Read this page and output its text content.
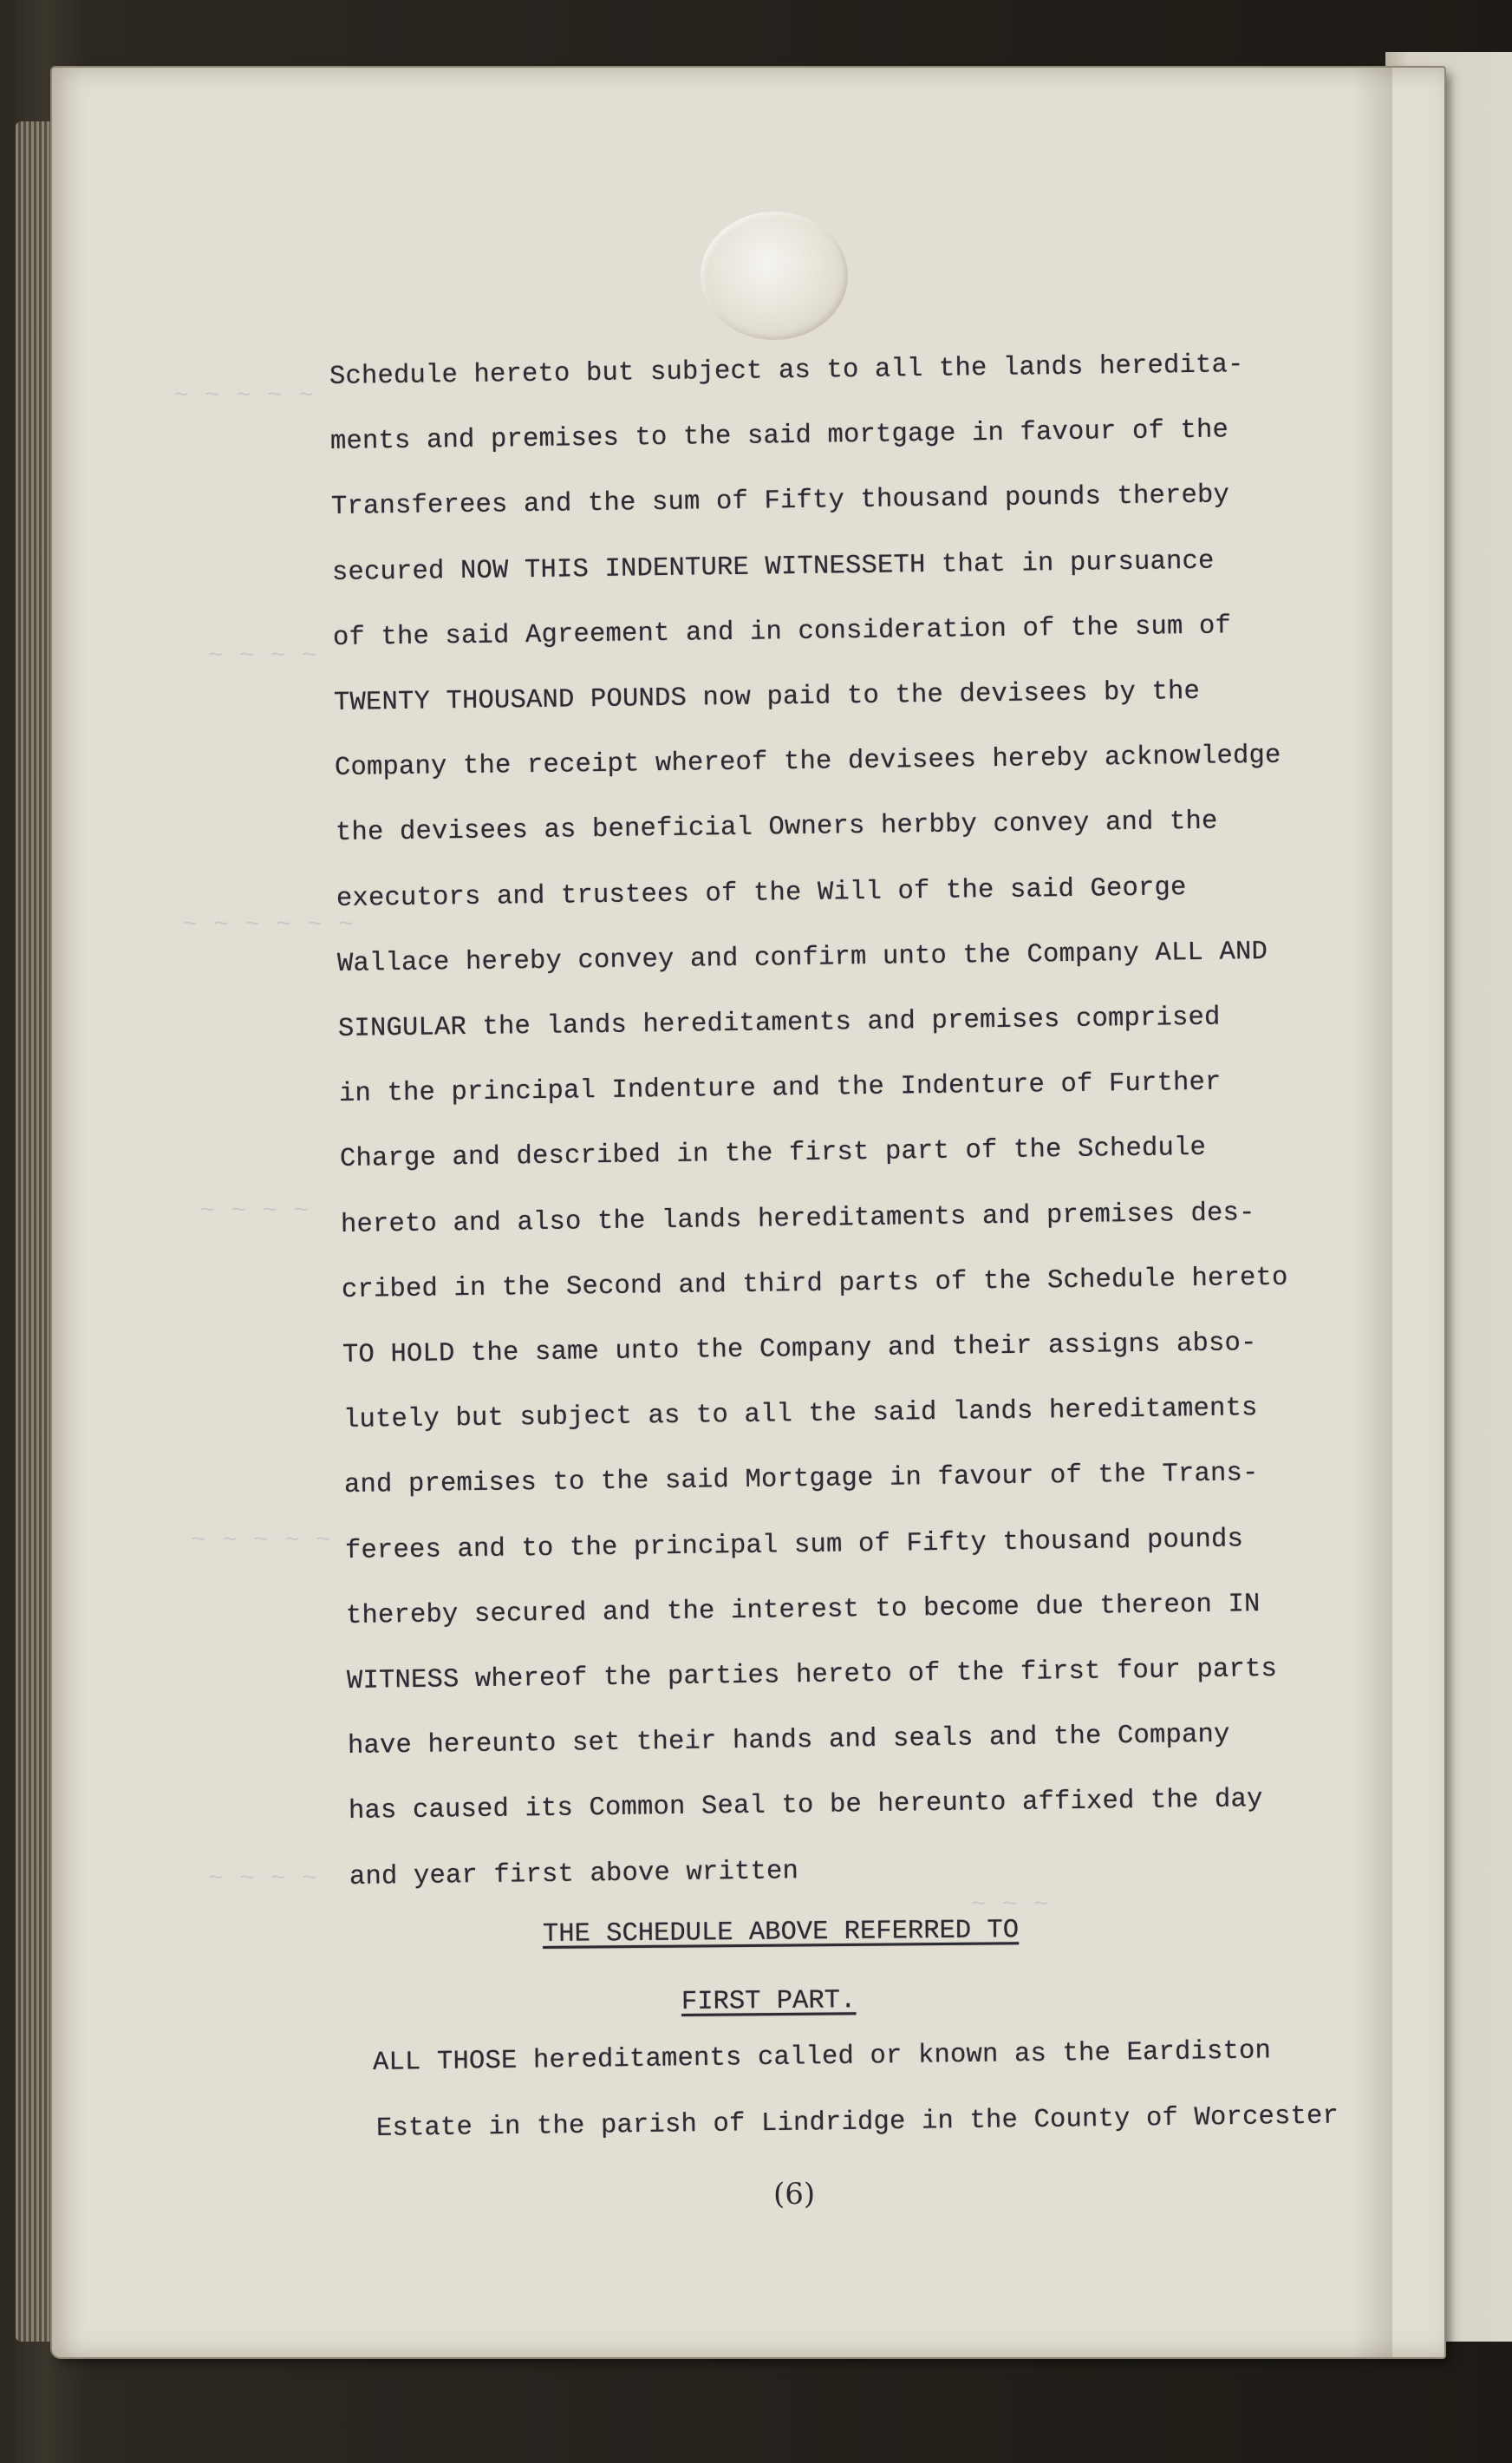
~ ~ ~ ~ ~
~ ~ ~ ~
~ ~ ~ ~ ~ ~
~ ~ ~ ~
~ ~ ~ ~ ~
~ ~ ~ ~
~ ~ ~
Schedule hereto but subject as to all the lands heredita-
ments and premises to the said mortgage in favour of the
Transferees and the sum of Fifty thousand pounds thereby
secured NOW THIS INDENTURE WITNESSETH that in pursuance
of the said Agreement and in consideration of the sum of
TWENTY THOUSAND POUNDS now paid to the devisees by the
Company the receipt whereof the devisees hereby acknowledge
the devisees as beneficial Owners herbby convey and the
executors and trustees of the Will of the said George
Wallace hereby convey and confirm unto the Company ALL AND
SINGULAR the lands hereditaments and premises comprised
in the principal Indenture and the Indenture of Further
Charge and described in the first part of the Schedule
hereto and also the lands hereditaments and premises des-
cribed in the Second and third parts of the Schedule hereto
TO HOLD the same unto the Company and their assigns abso-
lutely but subject as to all the said lands hereditaments
and premises to the said Mortgage in favour of the Trans-
ferees and to the principal sum of Fifty thousand pounds
thereby secured and the interest to become due thereon IN
WITNESS whereof the parties hereto of the first four parts
have hereunto set their hands and seals and the Company
has caused its Common Seal to be hereunto affixed the day
and year first above written
THE SCHEDULE ABOVE REFERRED TO
FIRST PART.
ALL THOSE hereditaments called or known as the Eardiston
Estate in the parish of Lindridge in the County of Worcester
(6)
